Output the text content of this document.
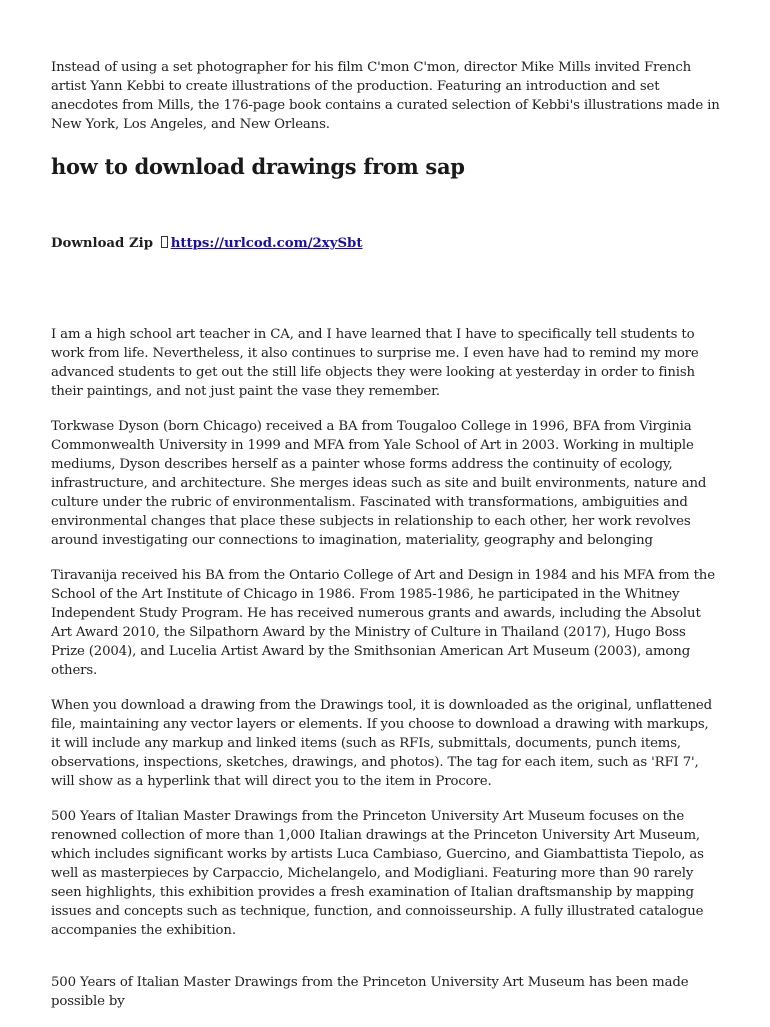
Instead of using a set photographer for his film C'mon C'mon, director Mike Mills invited French artist Yann Kebbi to create illustrations of the production. Featuring an introduction and set anecdotes from Mills, the 176-page book contains a curated selection of Kebbi's illustrations made in New York, Los Angeles, and New Orleans.

how to download drawings from sap
Download Zip https://urlcod.com/2xySbt

I am a high school art teacher in CA, and I have learned that I have to specifically tell students to work from life. Nevertheless, it also continues to surprise me. I even have had to remind my more advanced students to get out the still life objects they were looking at yesterday in order to finish their paintings, and not just paint the vase they remember.

Torkwase Dyson (born Chicago) received a BA from Tougaloo College in 1996, BFA from Virginia Commonwealth University in 1999 and MFA from Yale School of Art in 2003. Working in multiple mediums, Dyson describes herself as a painter whose forms address the continuity of ecology, infrastructure, and architecture. She merges ideas such as site and built environments, nature and culture under the rubric of environmentalism. Fascinated with transformations, ambiguities and environmental changes that place these subjects in relationship to each other, her work revolves around investigating our connections to imagination, materiality, geography and belonging

Tiravanija received his BA from the Ontario College of Art and Design in 1984 and his MFA from the School of the Art Institute of Chicago in 1986. From 1985-1986, he participated in the Whitney Independent Study Program. He has received numerous grants and awards, including the Absolut Art Award 2010, the Silpathorn Award by the Ministry of Culture in Thailand (2017), Hugo Boss Prize (2004), and Lucelia Artist Award by the Smithsonian American Art Museum (2003), among others.

When you download a drawing from the Drawings tool, it is downloaded as the original, unflattened file, maintaining any vector layers or elements. If you choose to download a drawing with markups, it will include any markup and linked items (such as RFIs, submittals, documents, punch items, observations, inspections, sketches, drawings, and photos). The tag for each item, such as 'RFI 7', will show as a hyperlink that will direct you to the item in Procore.

500 Years of Italian Master Drawings from the Princeton University Art Museum focuses on the renowned collection of more than 1,000 Italian drawings at the Princeton University Art Museum, which includes significant works by artists Luca Cambiaso, Guercino, and Giambattista Tiepolo, as well as masterpieces by Carpaccio, Michelangelo, and Modigliani. Featuring more than 90 rarely seen highlights, this exhibition provides a fresh examination of Italian draftsmanship by mapping issues and concepts such as technique, function, and connoisseurship. A fully illustrated catalogue accompanies the exhibition.

500 Years of Italian Master Drawings from the Princeton University Art Museum has been made possible by
